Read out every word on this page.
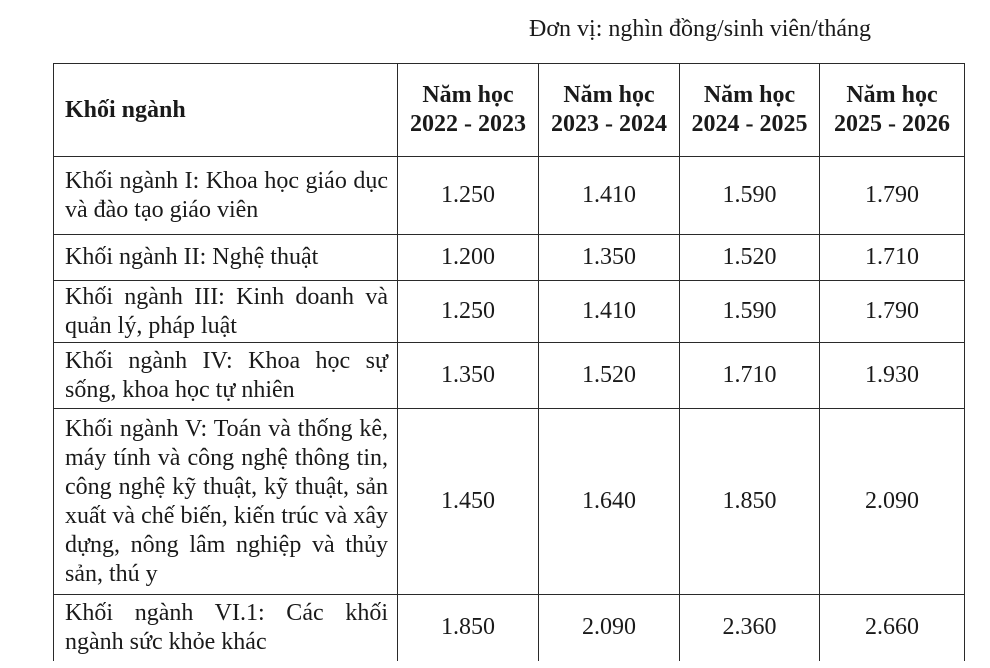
Đơn vị: nghìn đồng/sinh viên/tháng
Khối ngành	Năm học 2022 - 2023	Năm học 2023 - 2024	Năm học 2024 - 2025	Năm học 2025 - 2026
Khối ngành I: Khoa học giáo dục và đào tạo giáo viên	1.250	1.410	1.590	1.790
Khối ngành II: Nghệ thuật	1.200	1.350	1.520	1.710
Khối ngành III: Kinh doanh và quản lý, pháp luật	1.250	1.410	1.590	1.790
Khối ngành IV: Khoa học sự sống, khoa học tự nhiên	1.350	1.520	1.710	1.930
Khối ngành V: Toán và thống kê, máy tính và công nghệ thông tin, công nghệ kỹ thuật, kỹ thuật, sản xuất và chế biến, kiến trúc và xây dựng, nông lâm nghiệp và thủy sản, thú y	1.450	1.640	1.850	2.090
Khối ngành VI.1: Các khối ngành sức khỏe khác	1.850	2.090	2.360	2.660
